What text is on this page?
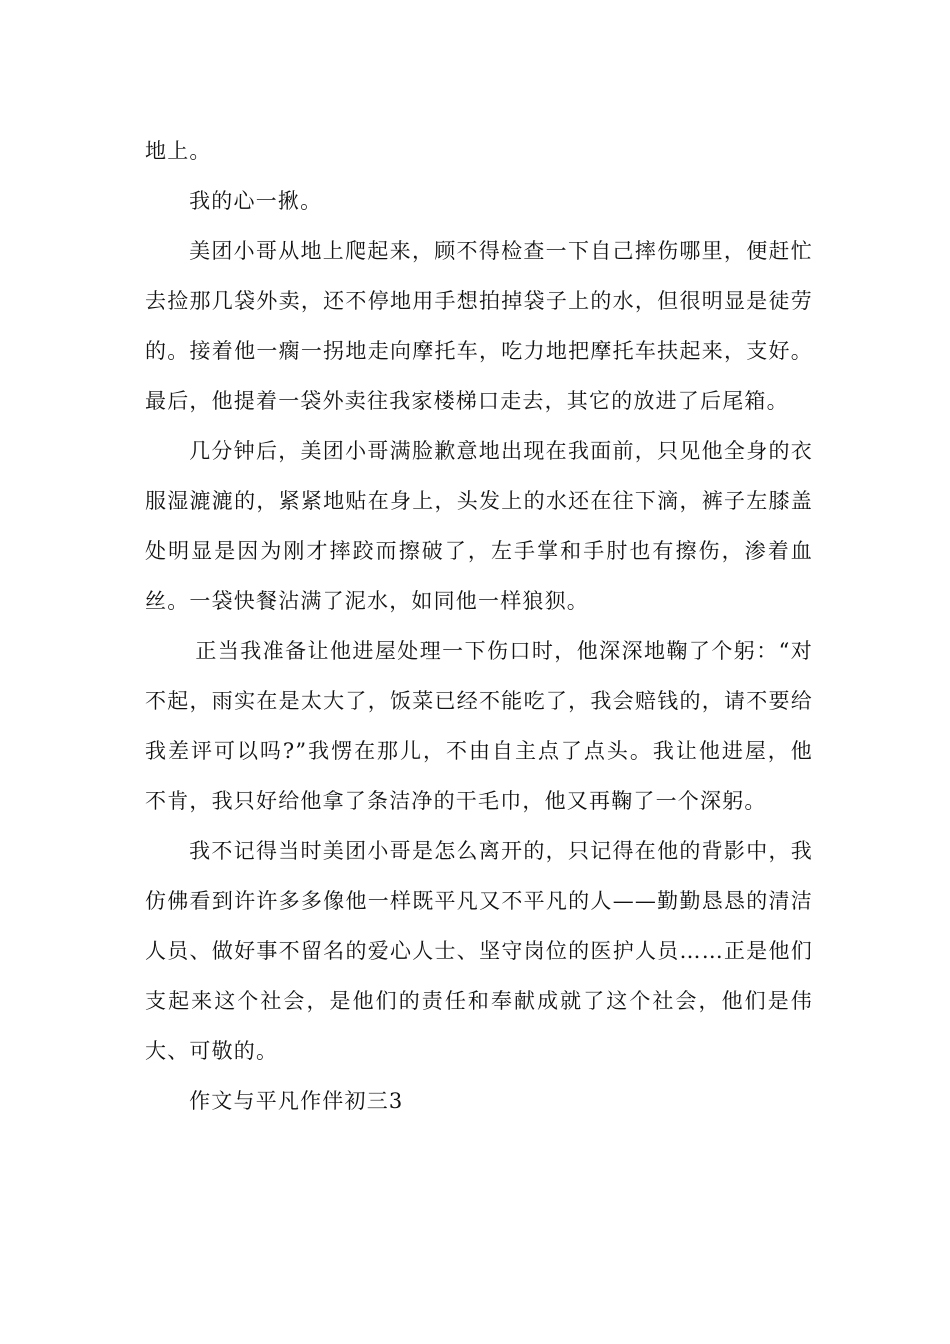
地上。

我的心一揪。

美团小哥从地上爬起来，顾不得检查一下自己摔伤哪里，便赶忙去捡那几袋外卖，还不停地用手想拍掉袋子上的水，但很明显是徒劳的。接着他一瘸一拐地走向摩托车，吃力地把摩托车扶起来，支好。最后，他提着一袋外卖往我家楼梯口走去，其它的放进了后尾箱。

几分钟后，美团小哥满脸歉意地出现在我面前，只见他全身的衣服湿漉漉的，紧紧地贴在身上，头发上的水还在往下滴，裤子左膝盖处明显是因为刚才摔跤而擦破了，左手掌和手肘也有擦伤，渗着血丝。一袋快餐沾满了泥水，如同他一样狼狈。

正当我准备让他进屋处理一下伤口时，他深深地鞠了个躬：“对不起，雨实在是太大了，饭菜已经不能吃了，我会赔钱的，请不要给我差评可以吗?”我愣在那儿，不由自主点了点头。我让他进屋，他不肯，我只好给他拿了条洁净的干毛巾，他又再鞠了一个深躬。

我不记得当时美团小哥是怎么离开的，只记得在他的背影中，我仿佛看到许许多多像他一样既平凡又不平凡的人——勤勤恳恳的清洁人员、做好事不留名的爱心人士、坚守岗位的医护人员……正是他们支起来这个社会，是他们的责任和奉献成就了这个社会，他们是伟大、可敬的。

作文与平凡作伴初三3
